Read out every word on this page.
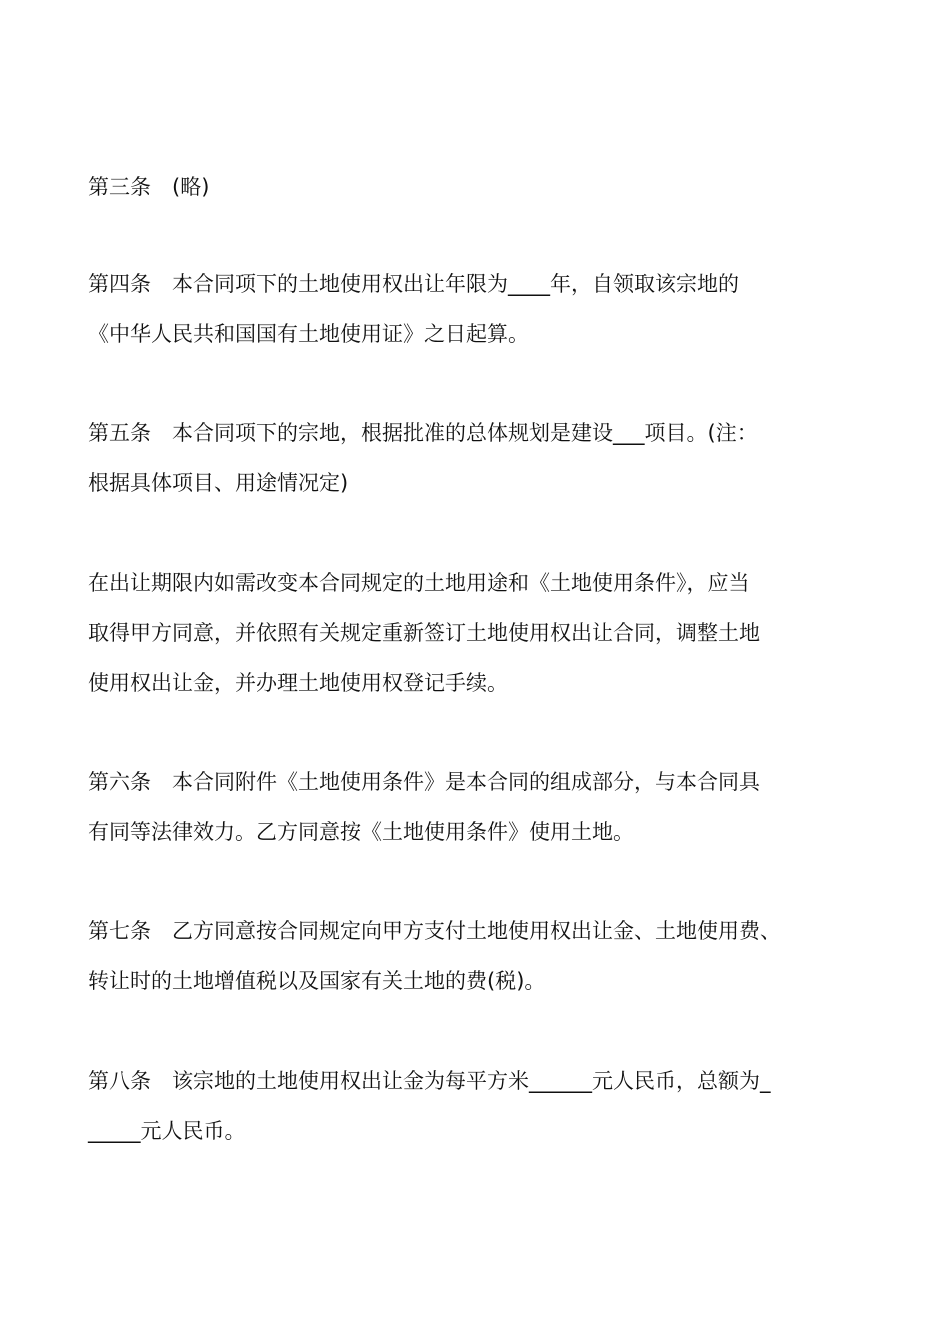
第三条　(略)

第四条　本合同项下的土地使用权出让年限为____年，自领取该宗地的
《中华人民共和国国有土地使用证》之日起算。

第五条　本合同项下的宗地，根据批准的总体规划是建设___项目。(注：
根据具体项目、用途情况定)

在出让期限内如需改变本合同规定的土地用途和《土地使用条件》，应当
取得甲方同意，并依照有关规定重新签订土地使用权出让合同，调整土地
使用权出让金，并办理土地使用权登记手续。

第六条　本合同附件《土地使用条件》是本合同的组成部分，与本合同具
有同等法律效力。乙方同意按《土地使用条件》使用土地。

第七条　乙方同意按合同规定向甲方支付土地使用权出让金、土地使用费、
转让时的土地增值税以及国家有关土地的费(税)。

第八条　该宗地的土地使用权出让金为每平方米______元人民币，总额为_
_____元人民币。
